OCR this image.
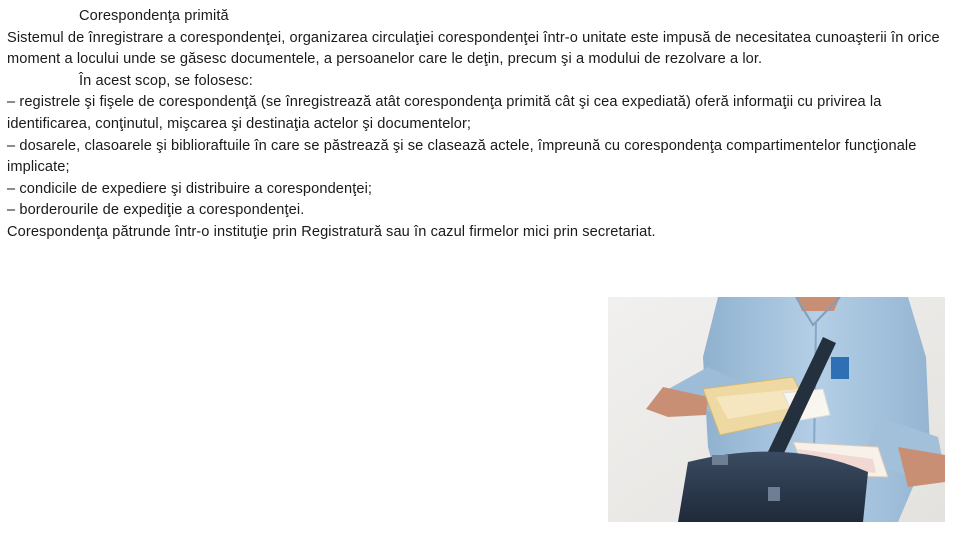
Corespondenţa primită

Sistemul de înregistrare a corespondenţei, organizarea circulaţiei corespondenţei într-o unitate este impusă de necesitatea cunoaşterii în orice moment a locului unde se găsesc documentele, a persoanelor care le deţin, precum şi a modului de rezolvare a lor.

În acest scop, se folosesc:

– registrele şi fişele de corespondenţă (se înregistrează atât corespondenţa primită cât şi cea expediată) oferă informaţii cu privirea la identificarea, conţinutul, mişcarea şi destinaţia actelor şi documentelor;

– dosarele, clasoarele şi biblioraftuile în care se păstrează şi se clasează actele, împreună cu corespondenţa compartimentelor funcţionale implicate;

– condicile de expediere şi distribuire a corespondenţei;

– borderourile de expediţie a corespondenţei.

Corespondenţa pătrunde într-o instituţie prin Registratură sau în cazul firmelor mici prin secretariat.
